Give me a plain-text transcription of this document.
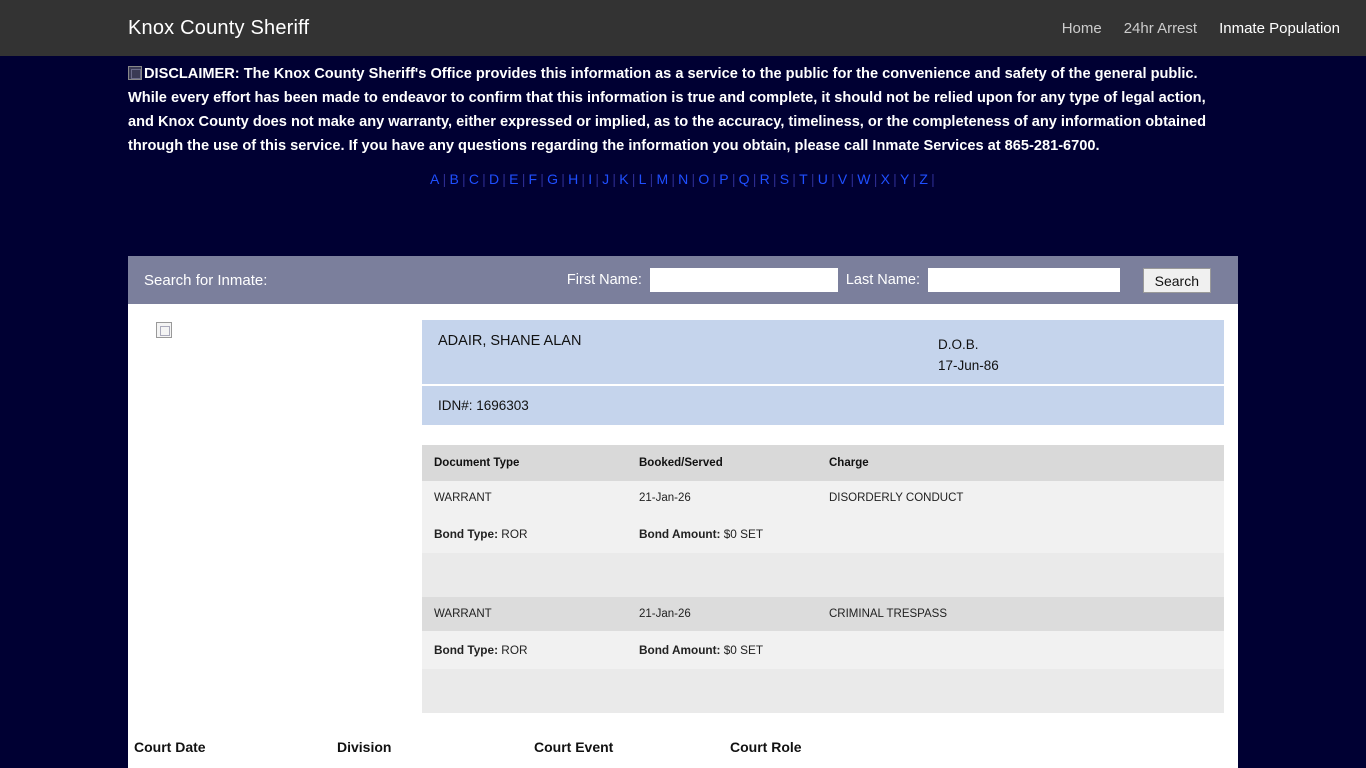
Knox County Sheriff	Home 24hr Arrest Inmate Population

DISCLAIMER: The Knox County Sheriff's Office provides this information as a service to the public for the convenience and safety of the general public. While every effort has been made to endeavor to confirm that this information is true and complete, it should not be relied upon for any type of legal action, and Knox County does not make any warranty, either expressed or implied, as to the accuracy, timeliness, or the completeness of any information obtained through the use of this service. If you have any questions regarding the information you obtain, please call Inmate Services at 865-281-6700.

A | B | C | D | E | F | G | H | I | J | K | L | M | N | O | P | Q | R | S | T | U | V | W | X | Y | Z |
Search for Inmate:	First Name:	Last Name:	Search
ADAIR, SHANE ALAN	D.O.B.
17-Jun-86
IDN#: 1696303
Document Type	Booked/Served	Charge
WARRANT	21-Jan-26	DISORDERLY CONDUCT
Bond Type: ROR	Bond Amount: $0 SET
WARRANT	21-Jan-26	CRIMINAL TRESPASS
Bond Type: ROR	Bond Amount: $0 SET
Court Date	Division	Court Event	Court Role
